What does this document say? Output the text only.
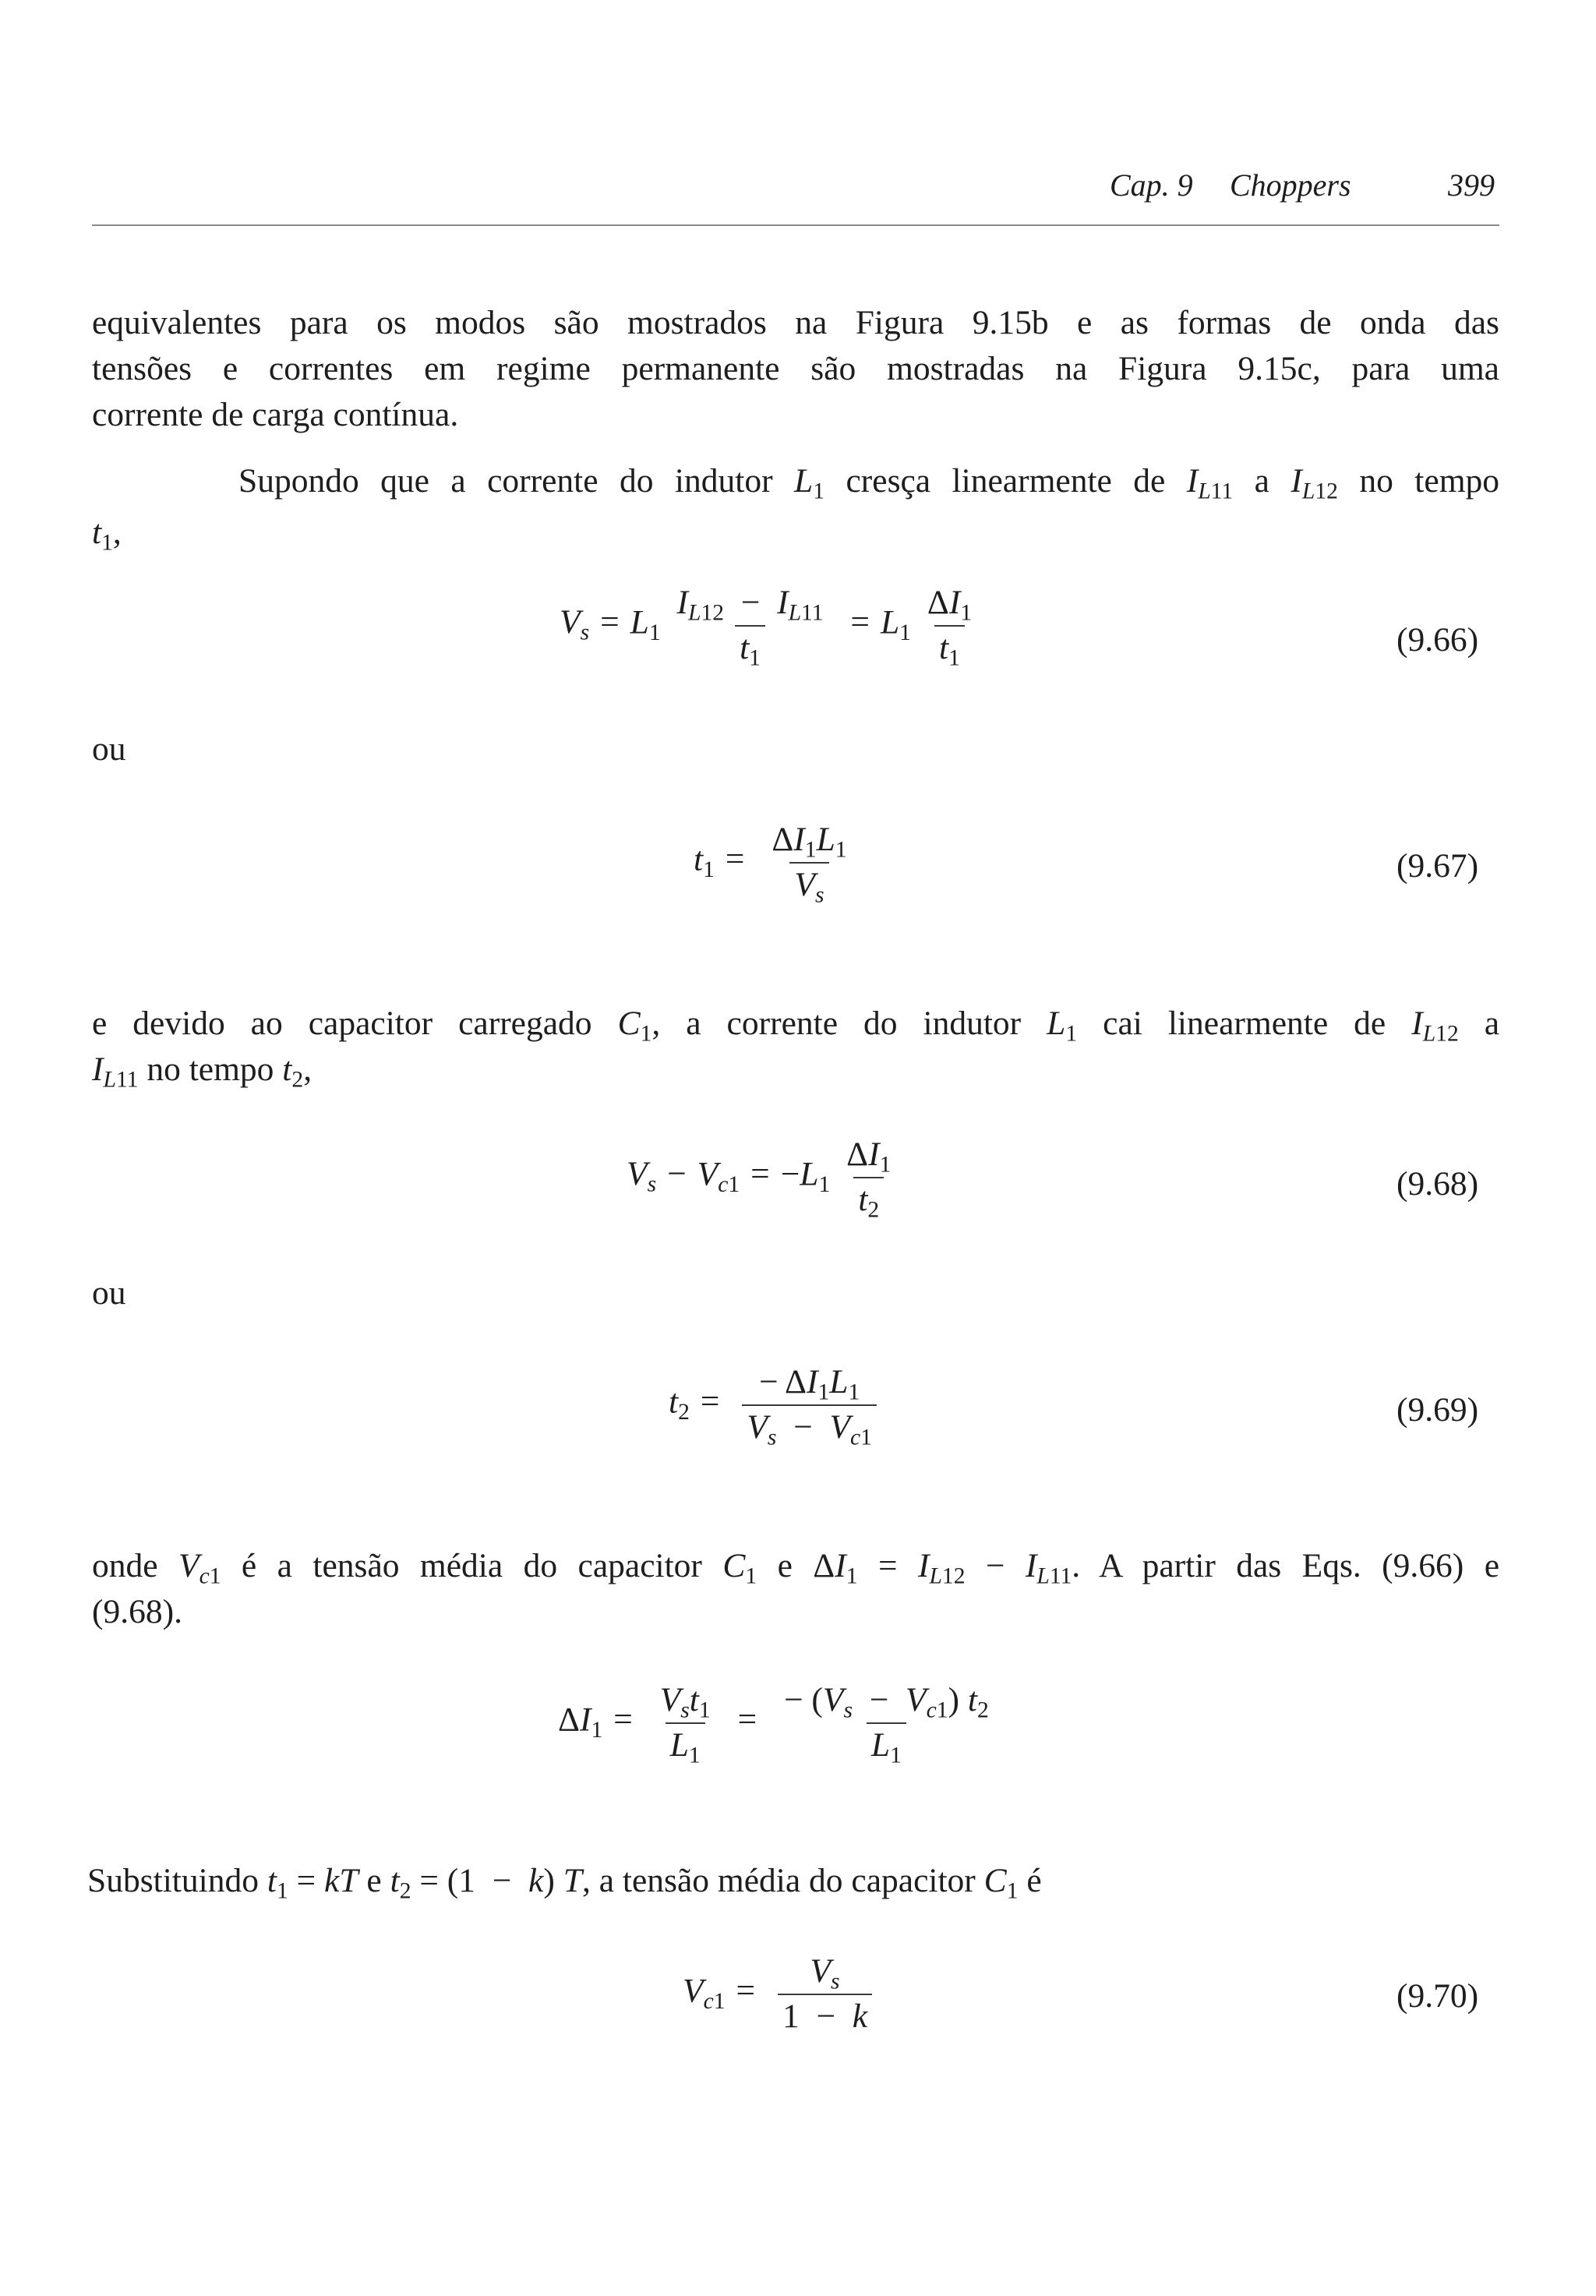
Cap. 9 Choppers	399
equivalentes para os modos são mostrados na Figura 9.15b e as formas de onda das
tensões e correntes em regime permanente são mostradas na Figura 9.15c, para uma
corrente de carga contínua.
Supondo que a corrente do indutor $L_1$ cresça linearmente de $I_{L11}$ a $I_{L12}$ no tempo
$t_1$,
$V_s = L_1 \frac{I_{L12} - I_{L11}}{t_1} = L_1 \frac{\Delta I_1}{t_1}$	(9.66)
ou
$t_1 = \frac{\Delta I_1L_1}{V_s}$	(9.67)
e devido ao capacitor carregado $C_1$, a corrente do indutor $L_1$ cai linearmente de $I_{L12}$ a
$I_{L11}$ no tempo $t_2$,
$V_s - V_{c1} = -L_1 \frac{\Delta I_1}{t_2}$	(9.68)
ou
$t_2 = \frac{- \Delta I_1L_1}{V_s - V_{c1}}$	(9.69)
onde $V_{c1}$ é a tensão média do capacitor $C_1$ e $\Delta I_1 = I_{L12} - I_{L11}$. A partir das Eqs. (9.66) e
(9.68).
$\Delta I_1 = \frac{V_st_1}{L_1} = \frac{- (V_s - V_{c1}) t_2}{L_1}$
Substituindo $t_1$ = kT e $t_2 = (1 - k)$ T, a tensão média do capacitor $C_1$ é
$V_{c1} = \frac{V_s}{1 - k}$	(9.70)
